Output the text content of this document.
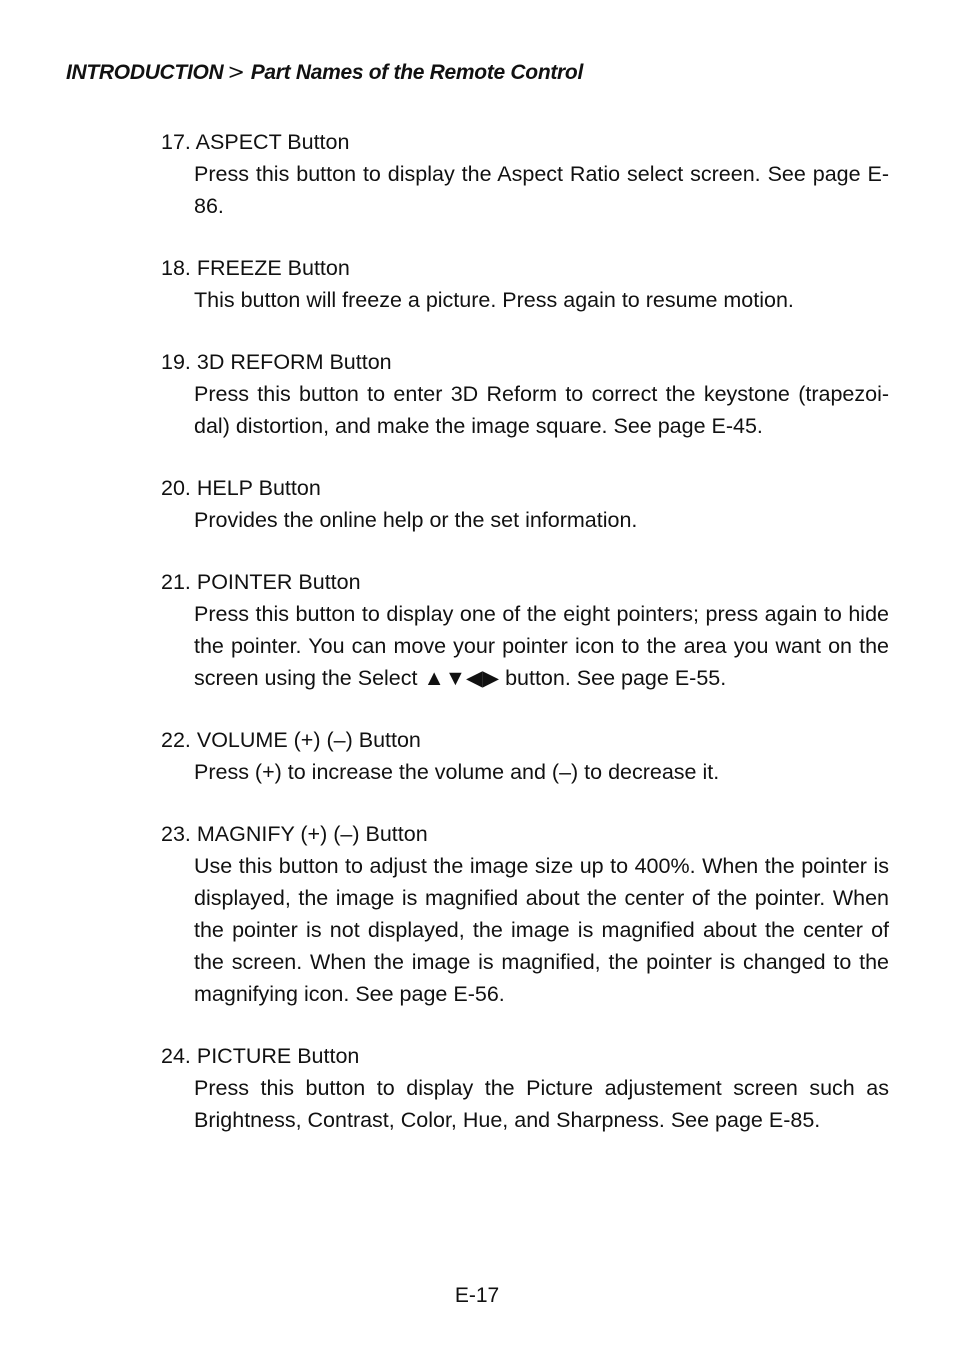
INTRODUCTION > Part Names of the Remote Control
17. ASPECT Button
Press this button to display the Aspect Ratio select screen. See page E-86.
18. FREEZE Button
This button will freeze a picture. Press again to resume motion.
19. 3D REFORM Button
Press this button to enter 3D Reform to correct the keystone (trapezoi-dal) distortion, and make the image square. See page E-45.
20. HELP Button
Provides the online help or the set information.
21. POINTER Button
Press this button to display one of the eight pointers; press again to hide the pointer. You can move your pointer icon to the area you want on the screen using the Select ▲▼◀▶ button. See page E-55.
22. VOLUME (+) (–) Button
Press (+) to increase the volume and (–) to decrease it.
23. MAGNIFY (+) (–) Button
Use this button to adjust the image size up to 400%. When the pointer is displayed, the image is magnified about the center of the pointer. When the pointer is not displayed, the image is magnified about the center of the screen. When the image is magnified, the pointer is changed to the magnifying icon. See page E-56.
24. PICTURE Button
Press this button to display the Picture adjustement screen such as Brightness, Contrast, Color, Hue, and Sharpness. See page E-85.
E-17
